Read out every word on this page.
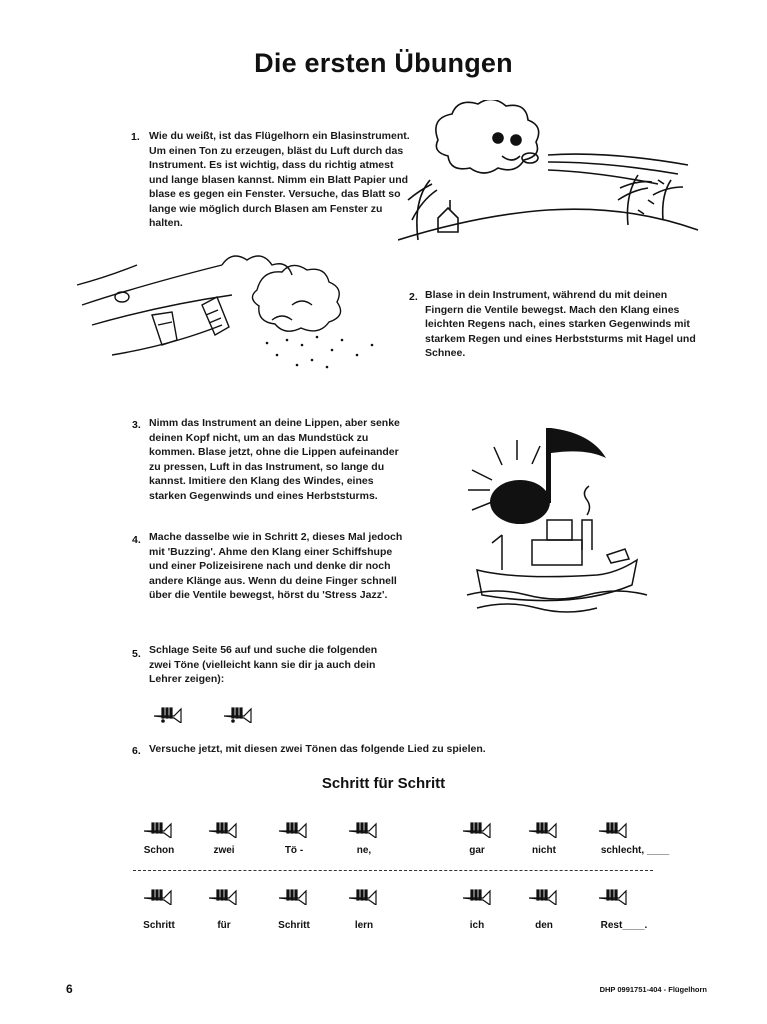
Die ersten Übungen
1. Wie du weißt, ist das Flügelhorn ein Blasinstrument. Um einen Ton zu erzeugen, bläst du Luft durch das Instrument. Es ist wichtig, dass du richtig atmest und lange blasen kannst. Nimm ein Blatt Papier und blase es gegen ein Fenster. Versuche, das Blatt so lange wie möglich durch Blasen am Fenster zu halten.
2. Blase in dein Instrument, während du mit deinen Fingern die Ventile bewegst. Mach den Klang eines leichten Regens nach, eines starken Gegenwinds mit starkem Regen und eines Herbststurms mit Hagel und Schnee.
3. Nimm das Instrument an deine Lippen, aber senke deinen Kopf nicht, um an das Mundstück zu kommen. Blase jetzt, ohne die Lippen aufeinander zu pressen, Luft in das Instrument, so lange du kannst. Imitiere den Klang des Windes, eines starken Gegenwinds und eines Herbststurms.
4. Mache dasselbe wie in Schritt 2, dieses Mal jedoch mit 'Buzzing'. Ahme den Klang einer Schiffshupe und einer Polizeisirene nach und denke dir noch andere Klänge aus. Wenn du deine Finger schnell über die Ventile bewegst, hörst du 'Stress Jazz'.
5. Schlage Seite 56 auf und suche die folgenden zwei Töne (vielleicht kann sie dir ja auch dein Lehrer zeigen):
6. Versuche jetzt, mit diesen zwei Tönen das folgende Lied zu spielen.
Schritt für Schritt
Schon	zwei	Tö -	ne,	gar	nicht	schlecht, ____
Schritt	für	Schritt	lern	ich	den	Rest____.
6	DHP 0991751-404 - Flügelhorn
